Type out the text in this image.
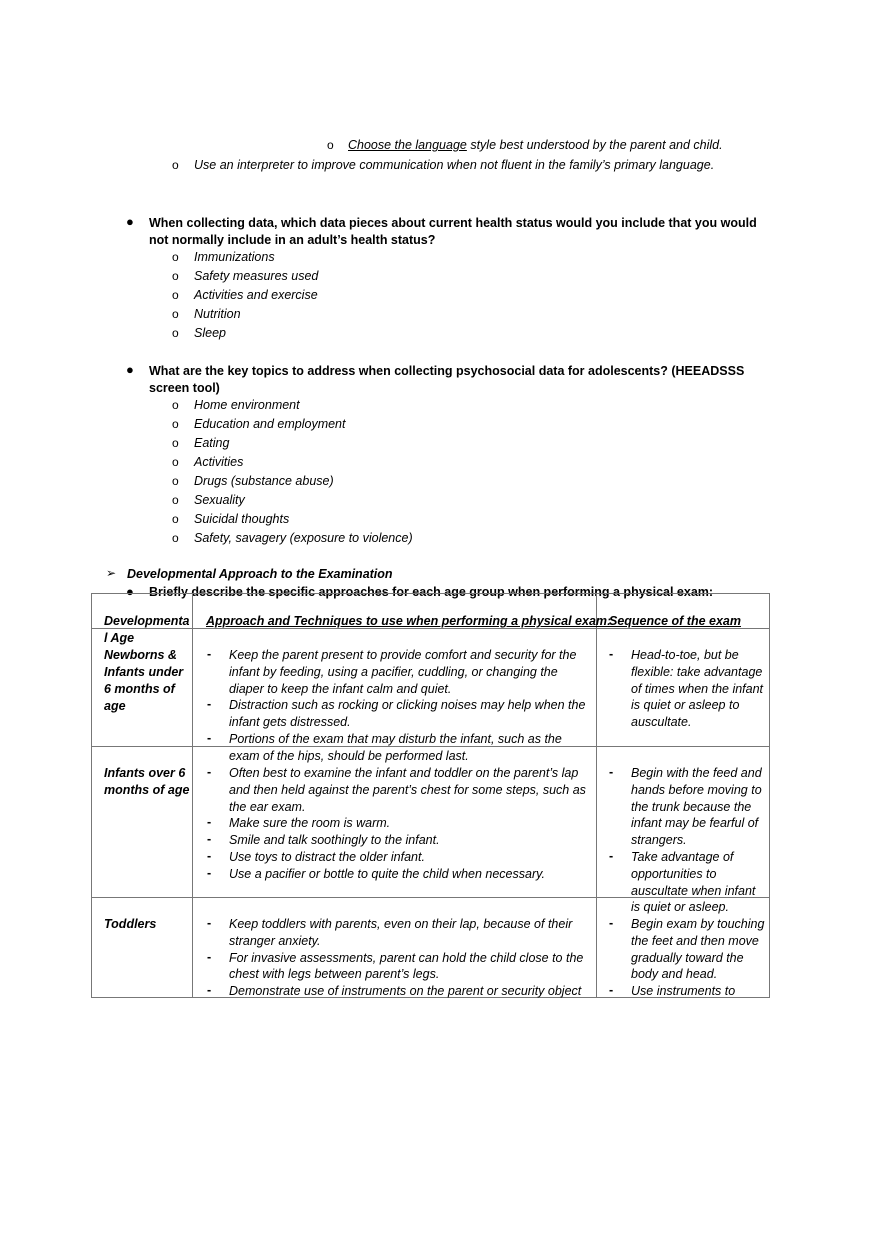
o Choose the language style best understood by the parent and child.
o Use an interpreter to improve communication when not fluent in the family’s primary language.
● When collecting data, which data pieces about current health status would you include that you would not normally include in an adult’s health status?
o Immunizations
o Safety measures used
o Activities and exercise
o Nutrition
o Sleep
● What are the key topics to address when collecting psychosocial data for adolescents? (HEEADSSS screen tool)
o Home environment
o Education and employment
o Eating
o Activities
o Drugs (substance abuse)
o Sexuality
o Suicidal thoughts
o Safety, savagery (exposure to violence)
➢ Developmental Approach to the Examination
● Briefly describe the specific approaches for each age group when performing a physical exam:
Developmenta
l Age
Approach and Techniques to use when performing a physical exam:
Sequence of the exam
Newborns &
Infants under
6 months of
age
- Keep the parent present to provide comfort and security for the
infant by feeding, using a pacifier, cuddling, or changing the
diaper to keep the infant calm and quiet.
- Distraction such as rocking or clicking noises may help when the
infant gets distressed.
- Portions of the exam that may disturb the infant, such as the
exam of the hips, should be performed last.
- Head-to-toe, but be
flexible: take advantage
of times when the infant
is quiet or asleep to
auscultate.
Infants over 6
months of age
- Often best to examine the infant and toddler on the parent’s lap
and then held against the parent’s chest for some steps, such as
the ear exam.
- Make sure the room is warm.
- Smile and talk soothingly to the infant.
- Use toys to distract the older infant.
- Use a pacifier or bottle to quite the child when necessary.
- Begin with the feed and
hands before moving to
the trunk because the
infant may be fearful of
strangers.
- Take advantage of
opportunities to
auscultate when infant
is quiet or asleep.
Toddlers	- Keep toddlers with parents, even on their lap, because of their
stranger anxiety.
- For invasive assessments, parent can hold the child close to the
chest with legs between parent’s legs.
- Demonstrate use of instruments on the parent or security object
- Begin exam by touching
the feet and then move
gradually toward the
body and head.
- Use instruments to
